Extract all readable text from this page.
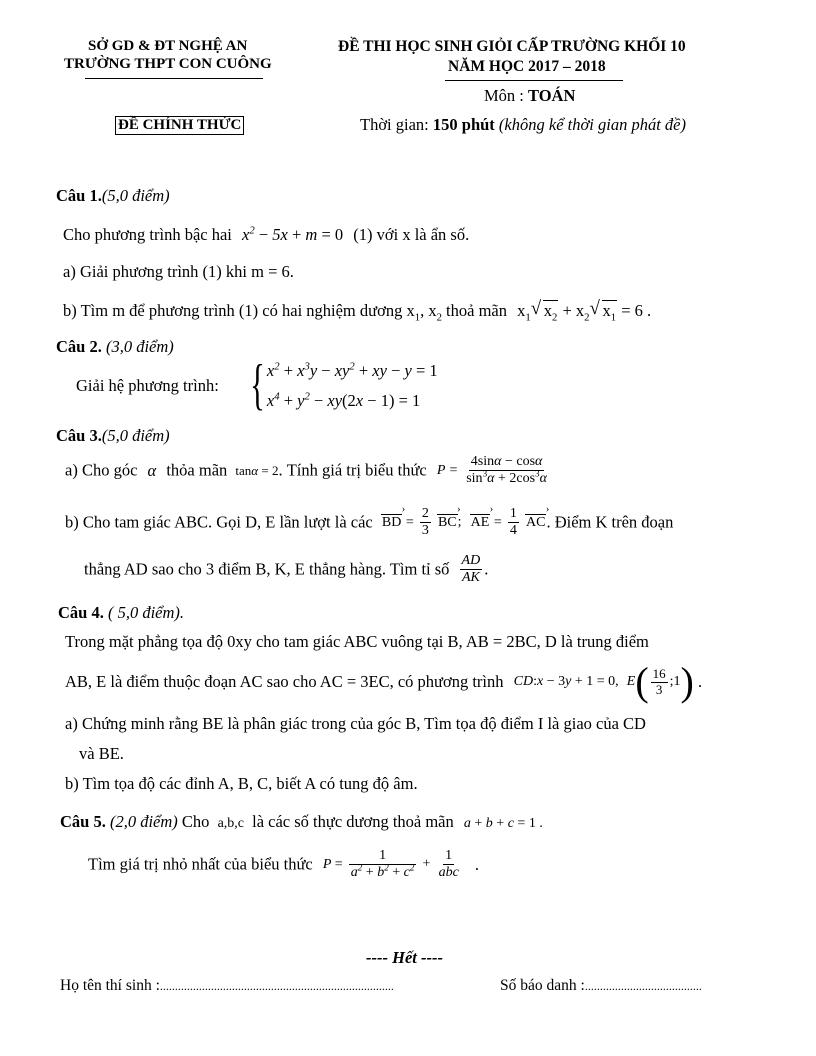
SỞ GD & ĐT NGHỆ AN
TRƯỜNG THPT CON CUÔNG
ĐỀ THI HỌC SINH GIỎI CẤP TRƯỜNG KHỐI 10
NĂM HỌC 2017 – 2018
Môn : TOÁN
ĐỀ CHÍNH THỨC	Thời gian: 150 phút (không kể thời gian phát đề)
Câu 1.(5,0 điểm)
Cho phương trình bậc hai $x^2 - 5x + m = 0$ (1) với x là ẩn số.
a) Giải phương trình (1) khi m = 6.
b) Tìm m để phương trình (1) có hai nghiệm dương $x_1$, $x_2$ thoả mãn $x_1√$ $x_2 + x_2√$ $x_1 = 6$ .
Câu 2. (3,0 điểm)
Giải hệ phương trình: { $x^2 + x^3y - xy^2$ + xy − y = 1
$x^4 + y^2 - xy(2x - 1) = 1$
Câu 3.(5,0 điểm)
a) Cho góc α thỏa mãn tanα = 2. Tính giá trị biểu thức $P = \frac{4\sin\alpha - \cos\alpha}{\sin^3\alpha + 2\cos^3\alpha}$
b) Cho tam giác ABC. Gọi D, E lần lượt là các BD › = $\frac{2}{3}$ BC ›; AE › = $\frac{1}{4}$ AC ›. Điểm K trên đoạn
thẳng AD sao cho 3 điểm B, K, E thẳng hàng. Tìm tỉ số $\frac{AD}{AK}$ .
Câu 4. ( 5,0 điểm).
Trong mặt phẳng tọa độ 0xy cho tam giác ABC vuông tại B, AB = 2BC, D là trung điểm
AB, E là điểm thuộc đoạn AC sao cho AC = 3EC, có phương trình CD:x − 3y + 1 = 0, $E( \frac{16}{3}$ ;1) .
a) Chứng minh rằng BE là phân giác trong của góc B, Tìm tọa độ điểm I là giao của CD
và BE.
b) Tìm tọa độ các đỉnh A, B, C, biết A có tung độ âm.
Câu 5. (2,0 điểm) Cho a,b,c là các số thực dương thoả mãn a + b + c = 1 .
Tìm giá trị nhỏ nhất của biểu thức $P = \frac{1}{a^2 + b^2 + c^2} + \frac{1}{\text{abc}}$ .
---- Hết ----
Họ tên thí sinh :..............................................................................	Số báo danh :.......................................
